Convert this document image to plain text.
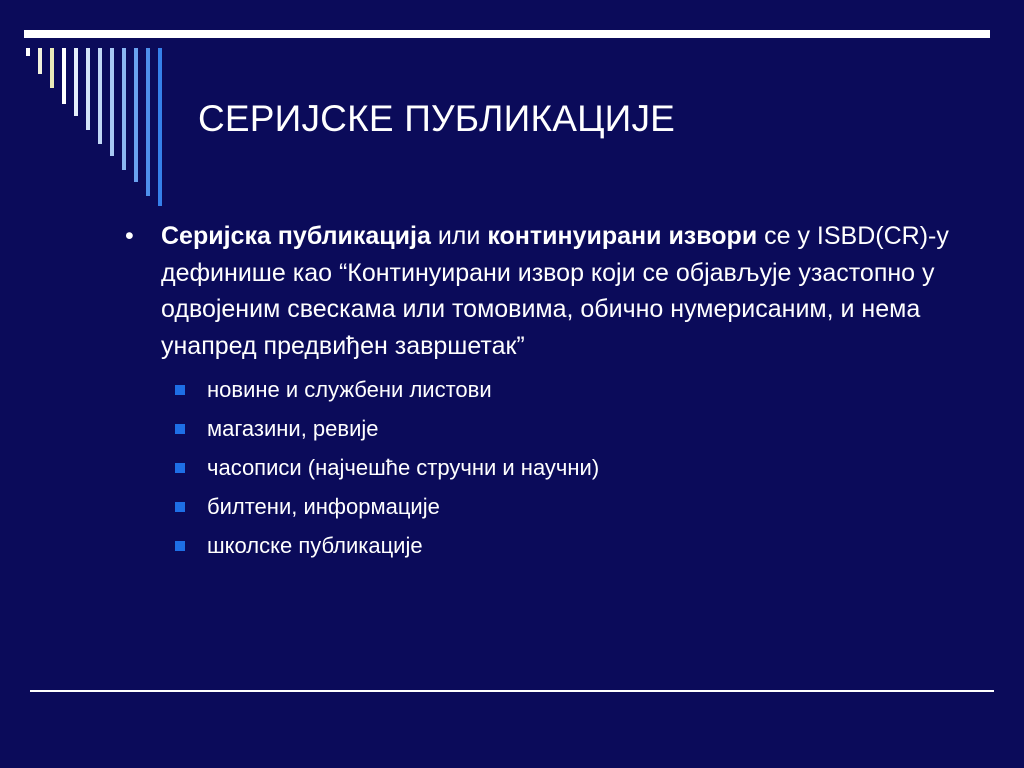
СЕРИЈСКЕ ПУБЛИКАЦИЈЕ
• Серијска публикација или континуирани извори се у ISBD(CR)-у дефинише као “Континуирани извор који се објављује узастопно у одвојеним свескама или томовима, обично нумерисаним, и нема унапред предвиђен завршетак”
новине и службени листови
магазини, ревије
часописи (најчешће стручни и научни)
билтени, информације
школске публикације
